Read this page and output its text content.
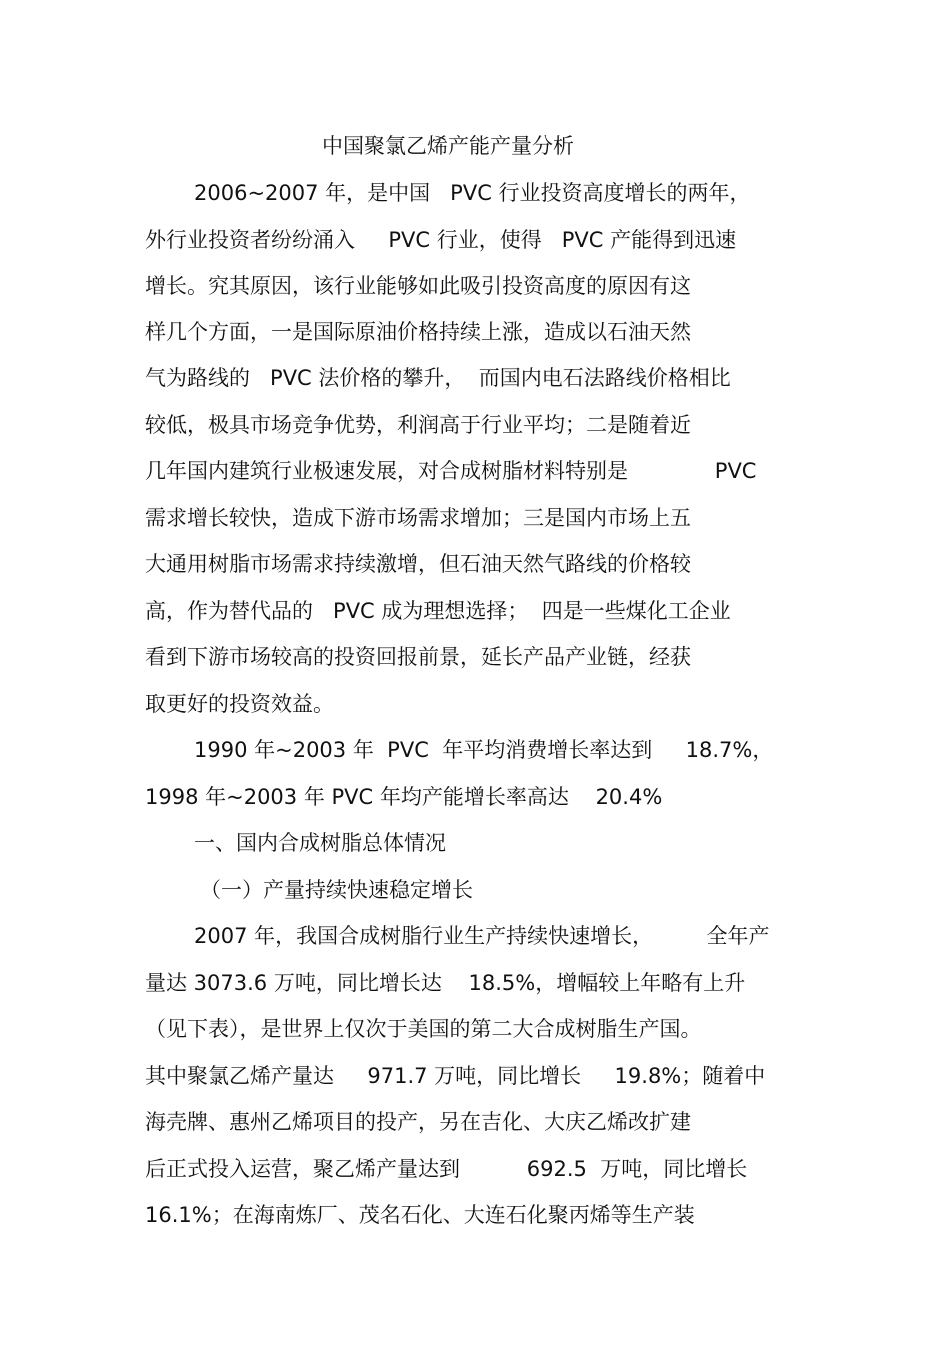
中国聚氯乙烯产能产量分析
2006~2007 年，是中国   PVC 行业投资高度增长的两年，
外行业投资者纷纷涌入     PVC 行业，使得   PVC 产能得到迅速
增长。究其原因，该行业能够如此吸引投资高度的原因有这
样几个方面，一是国际原油价格持续上涨，造成以石油天然
气为路线的   PVC 法价格的攀升，  而国内电石法路线价格相比
较低，极具市场竞争优势，利润高于行业平均；二是随着近
几年国内建筑行业极速发展，对合成树脂材料特别是             PVC
需求增长较快，造成下游市场需求增加；三是国内市场上五
大通用树脂市场需求持续激增，但石油天然气路线的价格较
高，作为替代品的   PVC 成为理想选择；  四是一些煤化工企业
看到下游市场较高的投资回报前景，延长产品产业链，经获
取更好的投资效益。
1990 年~2003 年  PVC  年平均消费增长率达到     18.7%，
1998 年~2003 年 PVC 年均产能增长率高达    20.4%
一、国内合成树脂总体情况
（一）产量持续快速稳定增长
2007 年，我国合成树脂行业生产持续快速增长，        全年产
量达 3073.6 万吨，同比增长达    18.5%，增幅较上年略有上升
（见下表），是世界上仅次于美国的第二大合成树脂生产国。
其中聚氯乙烯产量达     971.7 万吨，同比增长     19.8%；随着中
海壳牌、惠州乙烯项目的投产，另在吉化、大庆乙烯改扩建
后正式投入运营，聚乙烯产量达到          692.5  万吨，同比增长
16.1%；在海南炼厂、茂名石化、大连石化聚丙烯等生产装
